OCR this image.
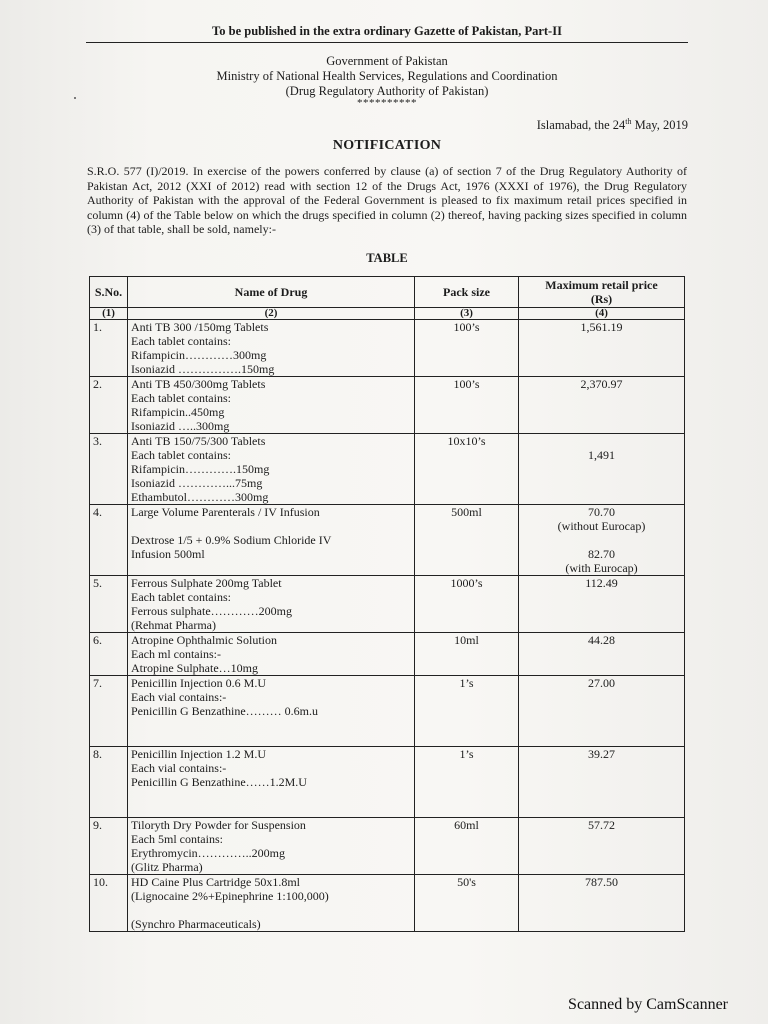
To be published in the extra ordinary Gazette of Pakistan, Part-II
Government of Pakistan
Ministry of National Health Services, Regulations and Coordination
(Drug Regulatory Authority of Pakistan)
**********
Islamabad, the 24th May, 2019
NOTIFICATION
S.R.O. 577 (I)/2019. In exercise of the powers conferred by clause (a) of section 7 of the Drug Regulatory Authority of Pakistan Act, 2012 (XXI of 2012) read with section 12 of the Drugs Act, 1976 (XXXI of 1976), the Drug Regulatory Authority of Pakistan with the approval of the Federal Government is pleased to fix maximum retail prices specified in column (4) of the Table below on which the drugs specified in column (2) thereof, having packing sizes specified in column (3) of that table, shall be sold, namely:-
TABLE
S.No.	Name of Drug	Pack size	Maximum retail price
(Rs)

(1)	(2)	(3)	(4)
1.	Anti TB 300 /150mg Tablets
Each tablet contains:
Rifampicin…………300mg
Isoniazid …………….150mg	100’s	1,561.19

2.	Anti TB 450/300mg Tablets
Each tablet contains:
Rifampicin..450mg
Isoniazid …..300mg	100’s	2,370.97

3.	Anti TB 150/75/300 Tablets
Each tablet contains:
Rifampicin………….150mg
Isoniazid …………...75mg
Ethambutol…………300mg	10x10’s	1,491

4.	Large Volume Parenterals / IV Infusion
Dextrose 1/5 + 0.9% Sodium Chloride IV
Infusion 500ml	500ml	70.70
(without Eurocap)
82.70
(with Eurocap)

5.	Ferrous Sulphate 200mg Tablet
Each tablet contains:
Ferrous sulphate…………200mg
(Rehmat Pharma)	1000’s	112.49

6.	Atropine Ophthalmic Solution
Each ml contains:-
Atropine Sulphate…10mg	10ml	44.28

7.	Penicillin Injection 0.6 M.U
Each vial contains:-
Penicillin G Benzathine……… 0.6m.u	1’s	27.00

8.	Penicillin Injection 1.2 M.U
Each vial contains:-
Penicillin G Benzathine……1.2M.U	1’s	39.27

9.	Tiloryth Dry Powder for Suspension
Each 5ml contains:
Erythromycin…………..200mg
(Glitz Pharma)	60ml	57.72

10.	HD Caine Plus Cartridge 50x1.8ml
(Lignocaine 2%+Epinephrine 1:100,000)
(Synchro Pharmaceuticals)	50's	787.50
Scanned by CamScanner
